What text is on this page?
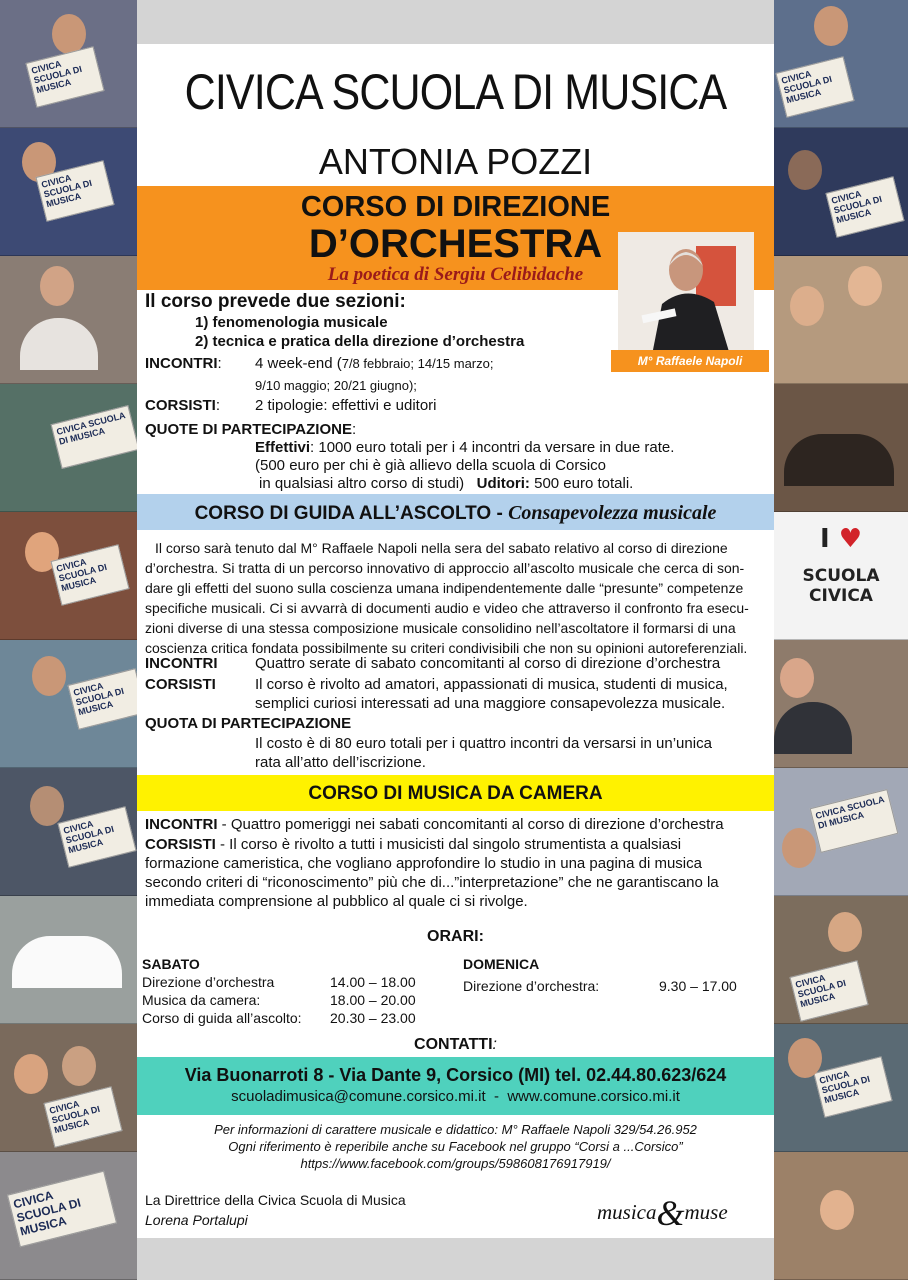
CIVICA SCUOLA DI MUSICA
CIVICA SCUOLA DI MUSICA
CIVICA SCUOLA DI MUSICA
CIVICA SCUOLA DI MUSICA
CIVICA SCUOLA DI MUSICA
CIVICA SCUOLA DI MUSICA
CIVICA SCUOLA DI MUSICA
CIVICA SCUOLA DI MUSICA
CIVICA SCUOLA DI MUSICA
CIVICA SCUOLA DI MUSICA
I ♥
SCUOLA CIVICA
CIVICA SCUOLA DI MUSICA
CIVICA SCUOLA DI MUSICA
CIVICA SCUOLA DI MUSICA
CIVICA SCUOLA DI MUSICA
ANTONIA POZZI
CORSO DI DIREZIONE
D’ORCHESTRA
La poetica di Sergiu Celibidache
M° Raffaele Napoli
Il corso prevede due sezioni:
1) fenomenologia musicale
2) tecnica e pratica della direzione d’orchestra
INCONTRI:	4 week-end (7/8 febbraio; 14/15 marzo;
9/10 maggio; 20/21 giugno);
CORSISTI: 2 tipologie: effettivi e uditori
QUOTE DI PARTECIPAZIONE:
Effettivi: 1000 euro totali per i 4 incontri da versare in due rate.
(500 euro per chi è già allievo della scuola di Corsico
in qualsiasi altro corso di studi) Uditori: 500 euro totali.
CORSO DI GUIDA ALL’ASCOLTO - Consapevolezza musicale
Il corso sarà tenuto dal M° Raffaele Napoli nella sera del sabato relativo al corso di direzione
d’orchestra. Si tratta di un percorso innovativo di approccio all’ascolto musicale che cerca di son-
dare gli effetti del suono sulla coscienza umana indipendentemente dalle “presunte” competenze
specifiche musicali. Ci si avvarrà di documenti audio e video che attraverso il confronto fra esecu-
zioni diverse di una stessa composizione musicale consolidino nell’ascoltatore il formarsi di una
coscienza critica fondata possibilmente su criteri condivisibili che non su opinioni autoreferenziali.
INCONTRI	Quattro serate di sabato concomitanti al corso di direzione d’orchestra
CORSISTI	Il corso è rivolto ad amatori, appassionati di musica, studenti di musica,
semplici curiosi interessati ad una maggiore consapevolezza musicale.
QUOTA DI PARTECIPAZIONE
Il costo è di 80 euro totali per i quattro incontri da versarsi in un’unica
rata all’atto dell’iscrizione.
CORSO DI MUSICA DA CAMERA
INCONTRI - Quattro pomeriggi nei sabati concomitanti al corso di direzione d’orchestra
CORSISTI - Il corso è rivolto a tutti i musicisti dal singolo strumentista a qualsiasi
formazione cameristica, che vogliano approfondire lo studio in una pagina di musica
secondo criteri di “riconoscimento” più che di...”interpretazione” che ne garantiscano la
immediata comprensione al pubblico al quale ci si rivolge.
ORARI:
SABATO
Direzione d’orchestra	14.00 – 18.00
Musica da camera:	18.00 – 20.00
Corso di guida all’ascolto: 20.30 – 23.00
DOMENICA
Direzione d’orchestra:	9.30 – 17.00
CONTATTI:
Via Buonarroti 8 - Via Dante 9, Corsico (MI) tel. 02.44.80.623/624
scuoladimusica@comune.corsico.mi.it - www.comune.corsico.mi.it
Per informazioni di carattere musicale e didattico: M° Raffaele Napoli 329/54.26.952
Ogni riferimento è reperibile anche su Facebook nel gruppo “Corsi a ...Corsico”
https://www.facebook.com/groups/598608176917919/
La Direttrice della Civica Scuola di Musica
Lorena Portalupi	musica&muse
